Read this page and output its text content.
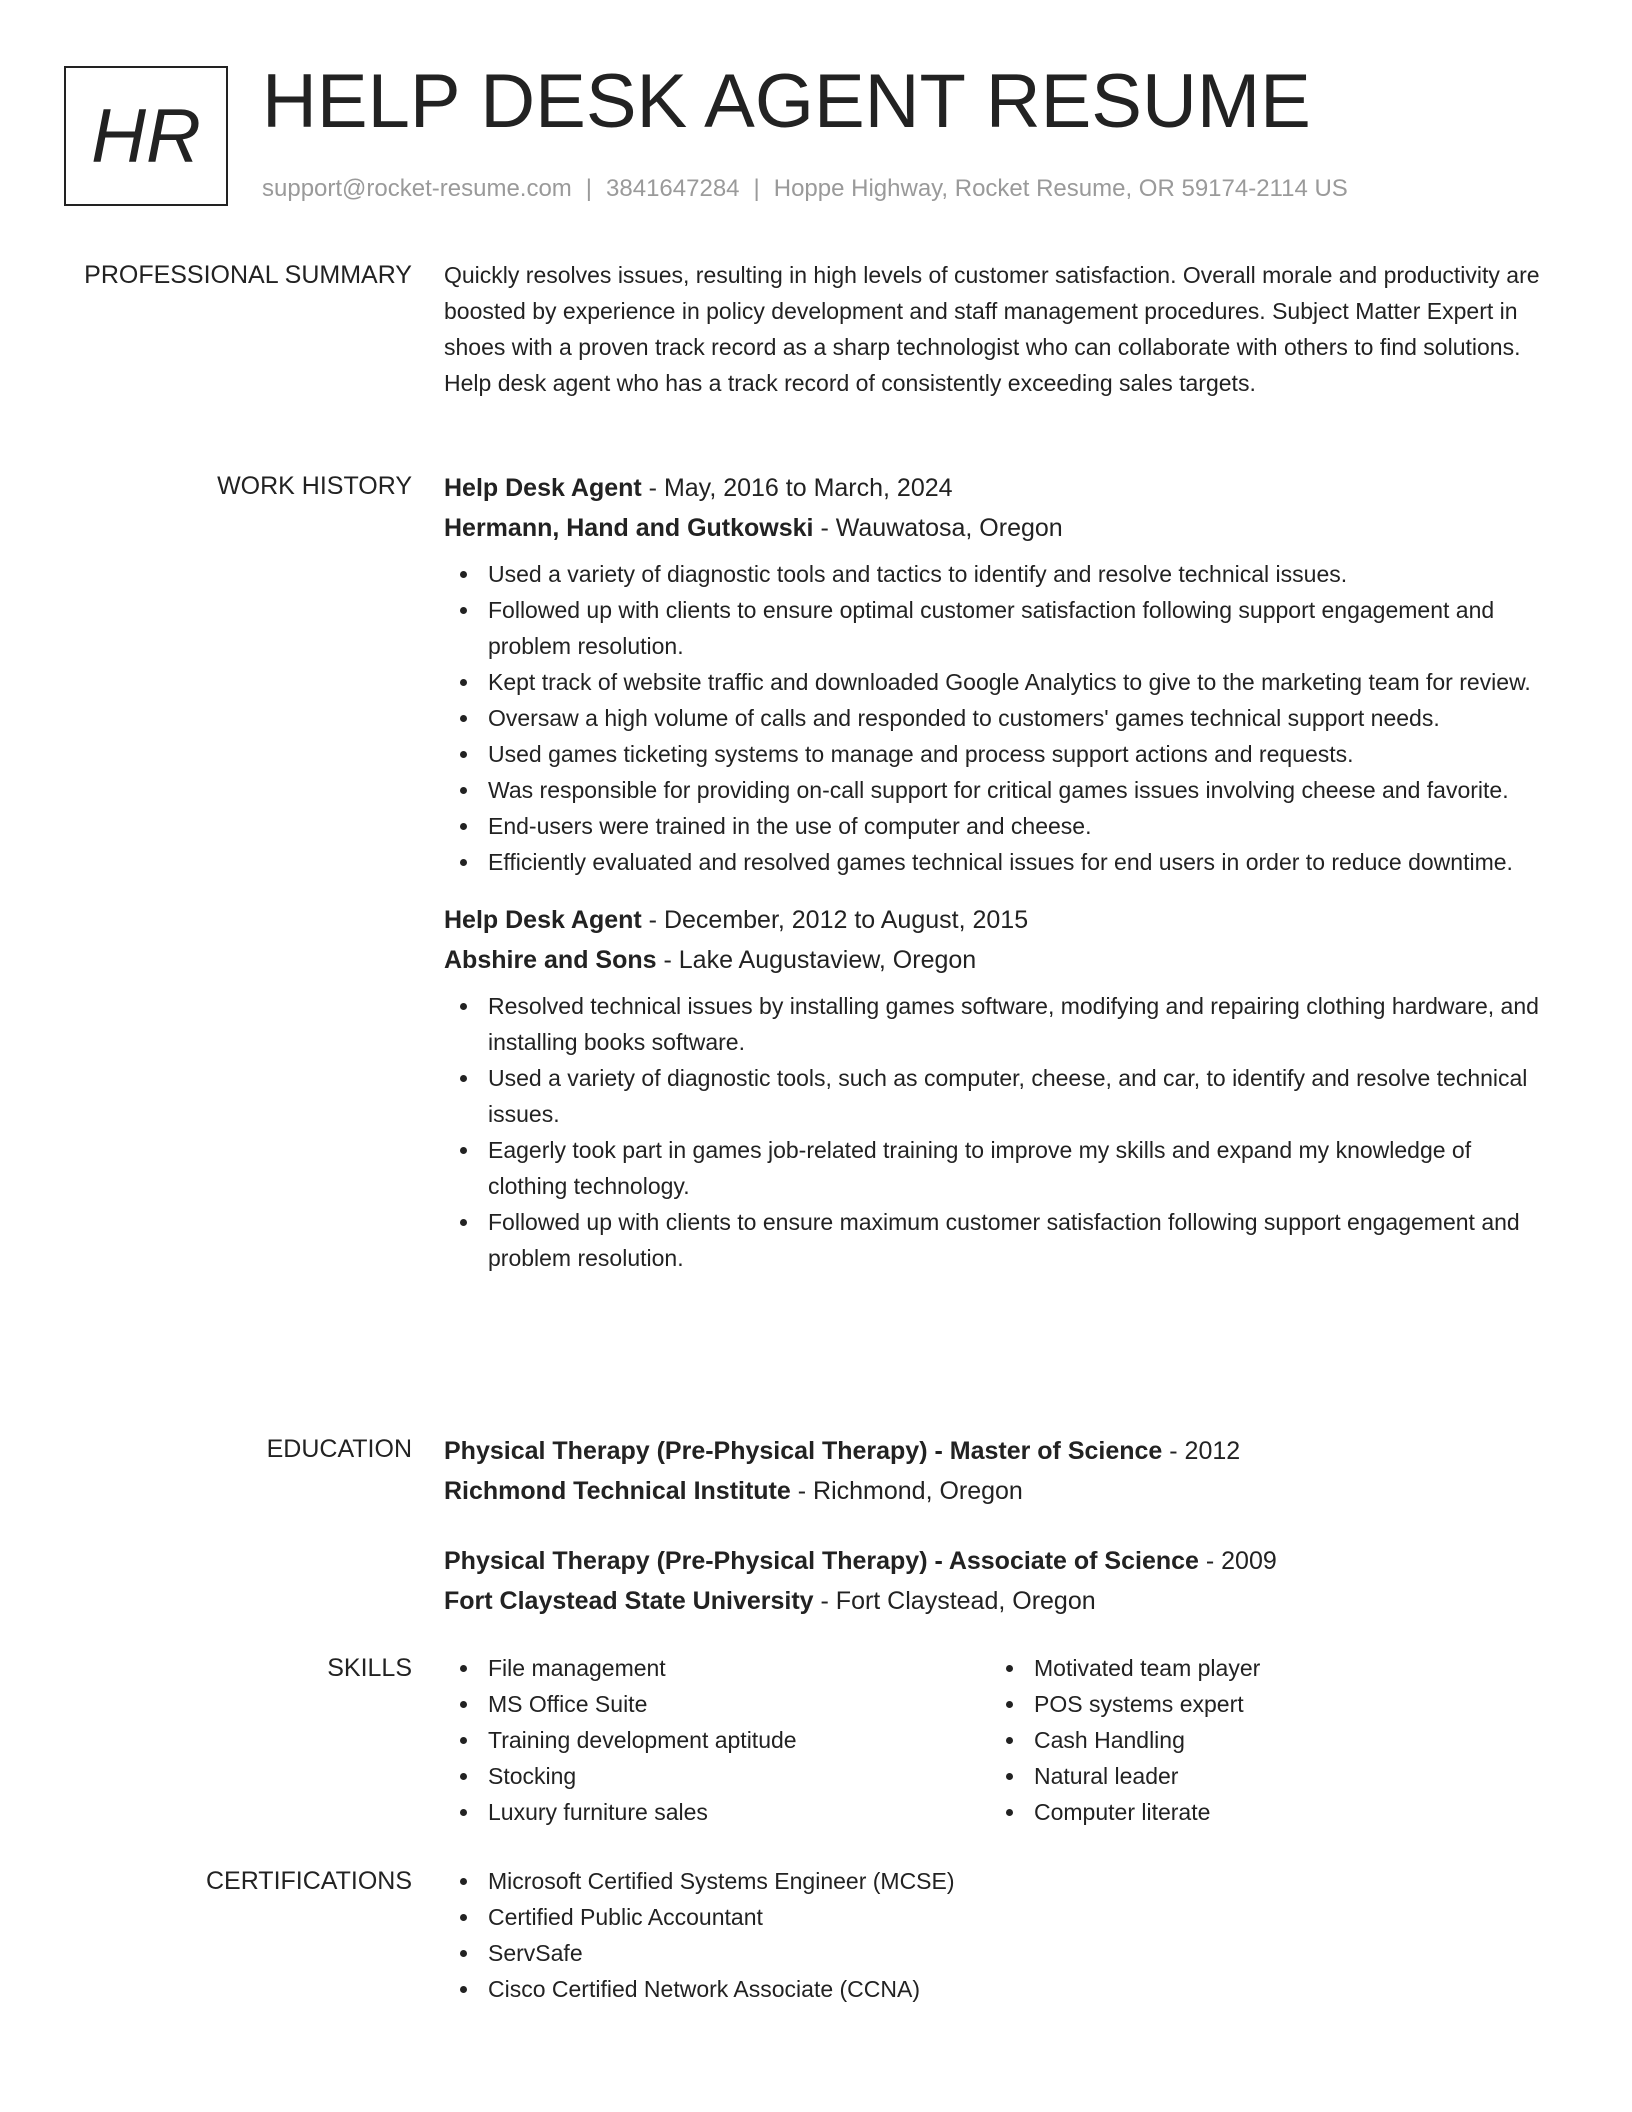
HR HELP DESK AGENT RESUME
support@rocket-resume.com | 3841647284 | Hoppe Highway, Rocket Resume, OR 59174-2114 US
PROFESSIONAL SUMMARY Quickly resolves issues, resulting in high levels of customer satisfaction. Overall morale and productivity are boosted by experience in policy development and staff management procedures. Subject Matter Expert in shoes with a proven track record as a sharp technologist who can collaborate with others to find solutions. Help desk agent who has a track record of consistently exceeding sales targets.

WORK HISTORY Help Desk Agent - May, 2016 to March, 2024
Hermann, Hand and Gutkowski - Wauwatosa, Oregon
Used a variety of diagnostic tools and tactics to identify and resolve technical issues.
Followed up with clients to ensure optimal customer satisfaction following support engagement and problem resolution.
Kept track of website traffic and downloaded Google Analytics to give to the marketing team for review.
Oversaw a high volume of calls and responded to customers' games technical support needs.
Used games ticketing systems to manage and process support actions and requests.
Was responsible for providing on-call support for critical games issues involving cheese and favorite.
End-users were trained in the use of computer and cheese.
Efficiently evaluated and resolved games technical issues for end users in order to reduce downtime.
Help Desk Agent - December, 2012 to August, 2015
Abshire and Sons - Lake Augustaview, Oregon
Resolved technical issues by installing games software, modifying and repairing clothing hardware, and installing books software.
Used a variety of diagnostic tools, such as computer, cheese, and car, to identify and resolve technical issues.
Eagerly took part in games job-related training to improve my skills and expand my knowledge of clothing technology.
Followed up with clients to ensure maximum customer satisfaction following support engagement and problem resolution.
EDUCATION Physical Therapy (Pre-Physical Therapy) - Master of Science - 2012
Richmond Technical Institute - Richmond, Oregon
Physical Therapy (Pre-Physical Therapy) - Associate of Science - 2009
Fort Claystead State University - Fort Claystead, Oregon
SKILLS	File management
MS Office Suite
Training development aptitude
Stocking
Luxury furniture sales
Motivated team player
POS systems expert
Cash Handling
Natural leader
Computer literate
CERTIFICATIONS	Microsoft Certified Systems Engineer (MCSE)
Certified Public Accountant
ServSafe
Cisco Certified Network Associate (CCNA)
